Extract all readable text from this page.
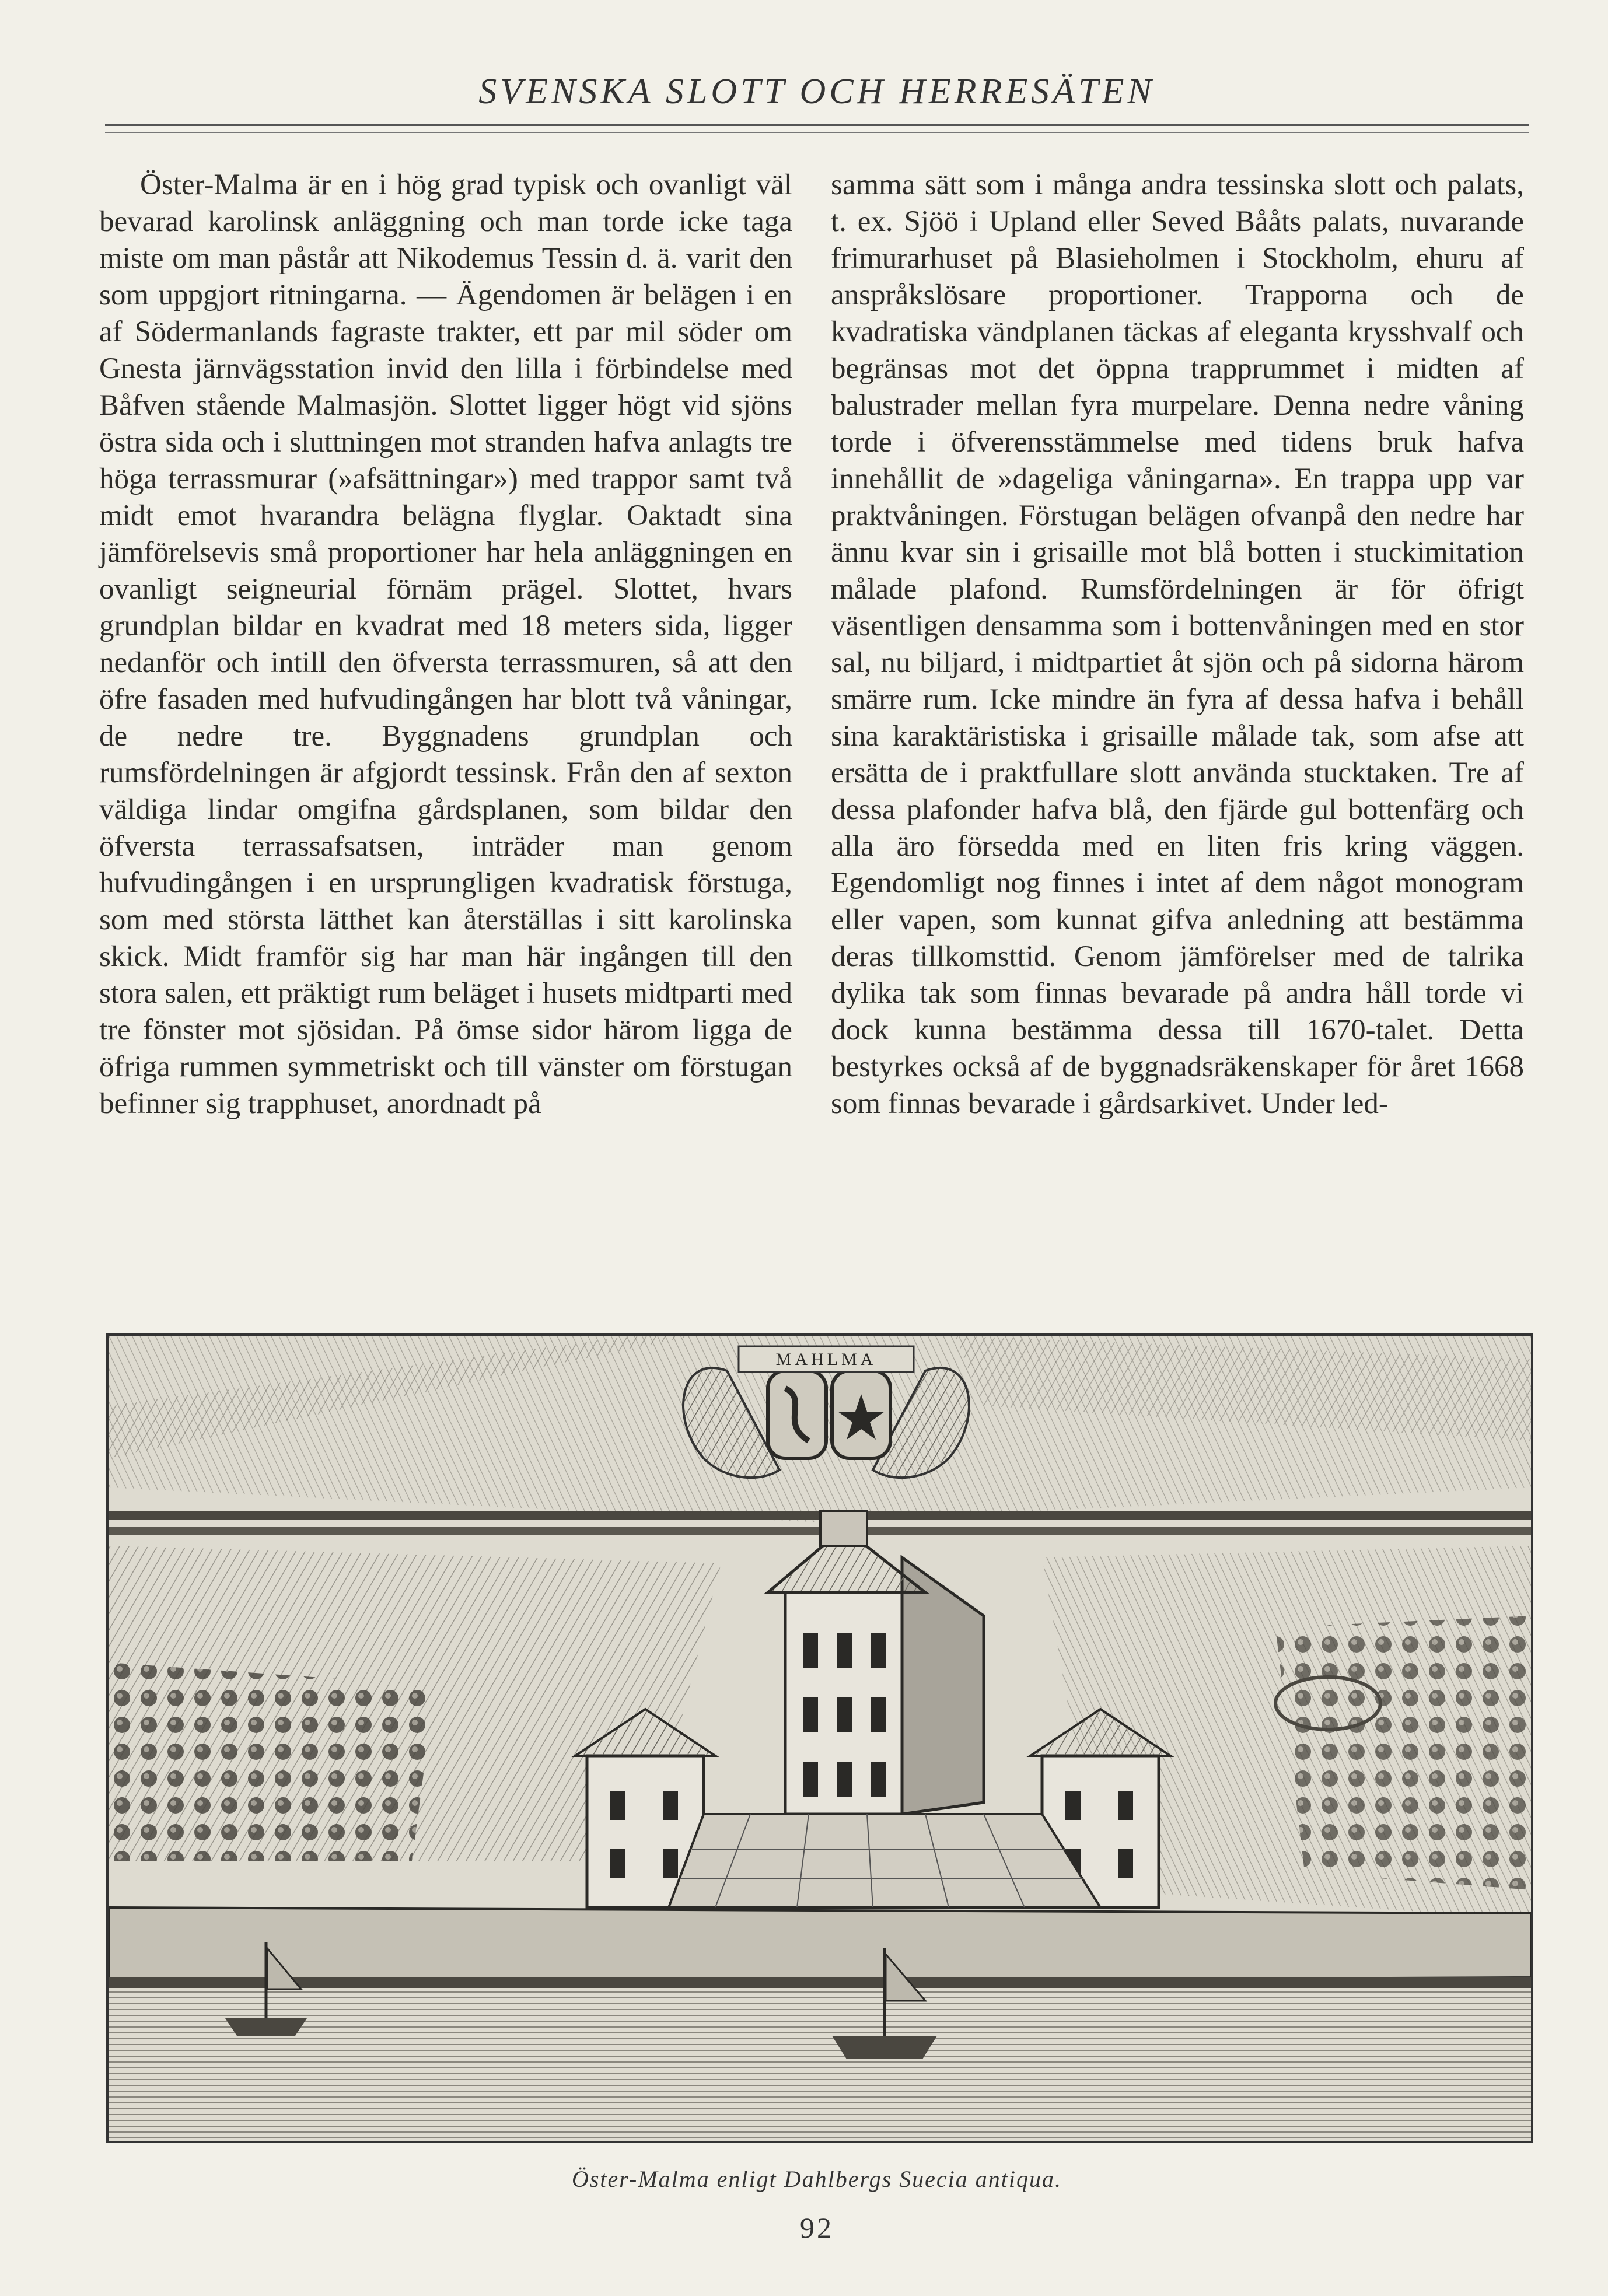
SVENSKA SLOTT OCH HERRESÄTEN

Öster-Malma är en i hög grad typisk och ovanligt väl bevarad karolinsk anläggning och man torde icke taga miste om man påstår att Nikodemus Tessin d. ä. varit den som uppgjort ritningarna. — Ägendomen är belägen i en af Södermanlands fagraste trakter, ett par mil söder om Gnesta järnvägsstation invid den lilla i förbindelse med Båfven stående Malmasjön. Slottet ligger högt vid sjöns östra sida och i sluttningen mot stranden hafva anlagts tre höga terrassmurar (»afsättningar») med trappor samt två midt emot hvarandra belägna flyglar. Oaktadt sina jämförelsevis små proportioner har hela anläggningen en ovanligt seigneurial förnäm prägel. Slottet, hvars grundplan bildar en kvadrat med 18 meters sida, ligger nedanför och intill den öfversta terrassmuren, så att den öfre fasaden med hufvudingången har blott två våningar, de nedre tre. Byggnadens grundplan och rumsfördelningen är afgjordt tessinsk. Från den af sexton väldiga lindar omgifna gårdsplanen, som bildar den öfversta terrassafsatsen, inträder man genom hufvudingången i en ursprungligen kvadratisk förstuga, som med största lätthet kan återställas i sitt karolinska skick. Midt framför sig har man här ingången till den stora salen, ett präktigt rum beläget i husets midtparti med tre fönster mot sjösidan. På ömse sidor härom ligga de öfriga rummen symmetriskt och till vänster om förstugan befinner sig trapphuset, anordnadt på

samma sätt som i många andra tessinska slott och palats, t. ex. Sjöö i Upland eller Seved Bååts palats, nuvarande frimurarhuset på Blasieholmen i Stockholm, ehuru af anspråkslösare proportioner. Trapporna och de kvadratiska vändplanen täckas af eleganta krysshvalf och begränsas mot det öppna trapprummet i midten af balustrader mellan fyra murpelare. Denna nedre våning torde i öfverensstämmelse med tidens bruk hafva innehållit de »dageliga våningarna». En trappa upp var praktvåningen. Förstugan belägen ofvanpå den nedre har ännu kvar sin i grisaille mot blå botten i stuckimitation målade plafond. Rumsfördelningen är för öfrigt väsentligen densamma som i bottenvåningen med en stor sal, nu biljard, i midtpartiet åt sjön och på sidorna härom smärre rum. Icke mindre än fyra af dessa hafva i behåll sina karaktäristiska i grisaille målade tak, som afse att ersätta de i praktfullare slott använda stucktaken. Tre af dessa plafonder hafva blå, den fjärde gul bottenfärg och alla äro försedda med en liten fris kring väggen. Egendomligt nog finnes i intet af dem något monogram eller vapen, som kunnat gifva anledning att bestämma deras tillkomsttid. Genom jämförelser med de talrika dylika tak som finnas bevarade på andra håll torde vi dock kunna bestämma dessa till 1670-talet. Detta bestyrkes också af de byggnadsräkenskaper för året 1668 som finnas bevarade i gårdsarkivet. Under led-

MAHLMA
Öster-Malma enligt Dahlbergs Suecia antiqua.
92
